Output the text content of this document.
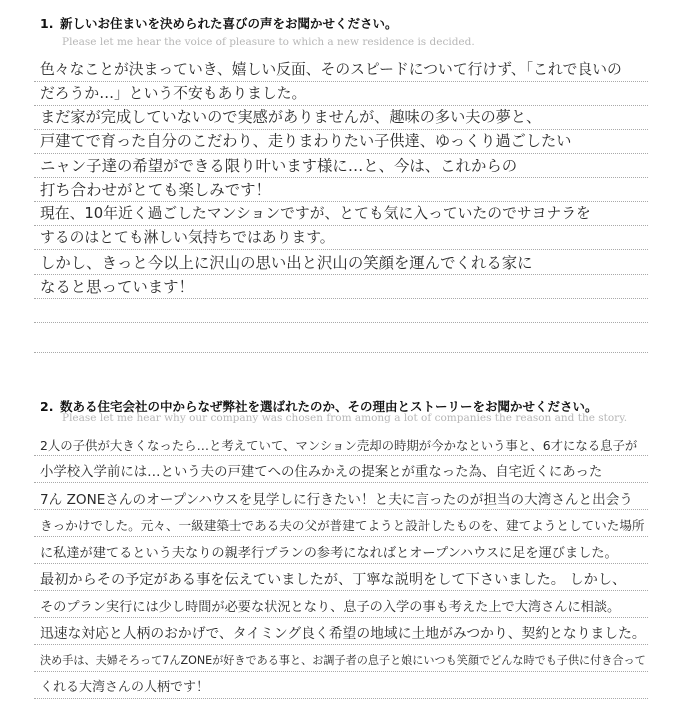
1. 新しいお住まいを決められた喜びの声をお聞かせください。
Please let me hear the voice of pleasure to which a new residence is decided.
色々なことが決まっていき、嬉しい反面、そのスピードについて行けず、「これで良いの
だろうか…」という不安もありました。
まだ家が完成していないので実感がありませんが、趣味の多い夫の夢と、
戸建てで育った自分のこだわり、走りまわりたい子供達、ゆっくり過ごしたい
ニャン子達の希望ができる限り叶います様に…と、今は、これからの
打ち合わせがとても楽しみです！
現在、10年近く過ごしたマンションですが、とても気に入っていたのでサヨナラを
するのはとても淋しい気持ちではあります。
しかし、きっと今以上に沢山の思い出と沢山の笑顔を運んでくれる家に
なると思っています！
2. 数ある住宅会社の中からなぜ弊社を選ばれたのか、その理由とストーリーをお聞かせください。
Please let me hear why our company was chosen from among a lot of companies the reason and the story.
2人の子供が大きくなったら…と考えていて、マンション売却の時期が今かなという事と、6才になる息子が
小学校入学前には…という夫の戸建てへの住みかえの提案とが重なった為、自宅近くにあった
7ん ZONEさんのオープンハウスを見学しに行きたい！と夫に言ったのが担当の大湾さんと出会う
きっかけでした。元々、一級建築士である夫の父が普建てようと設計したものを、建てようとしていた場所
に私達が建てるという夫なりの親孝行プランの参考になればとオープンハウスに足を運びました。
最初からその予定がある事を伝えていましたが、丁寧な説明をして下さいました。 しかし、
そのプラン実行には少し時間が必要な状況となり、息子の入学の事も考えた上で大湾さんに相談。
迅速な対応と人柄のおかげで、タイミング良く希望の地域に土地がみつかり、契約となりました。
決め手は、夫婦そろって7んZONEが好きである事と、お調子者の息子と娘にいつも笑顔でどんな時でも子供に付き合って
くれる大湾さんの人柄です！
